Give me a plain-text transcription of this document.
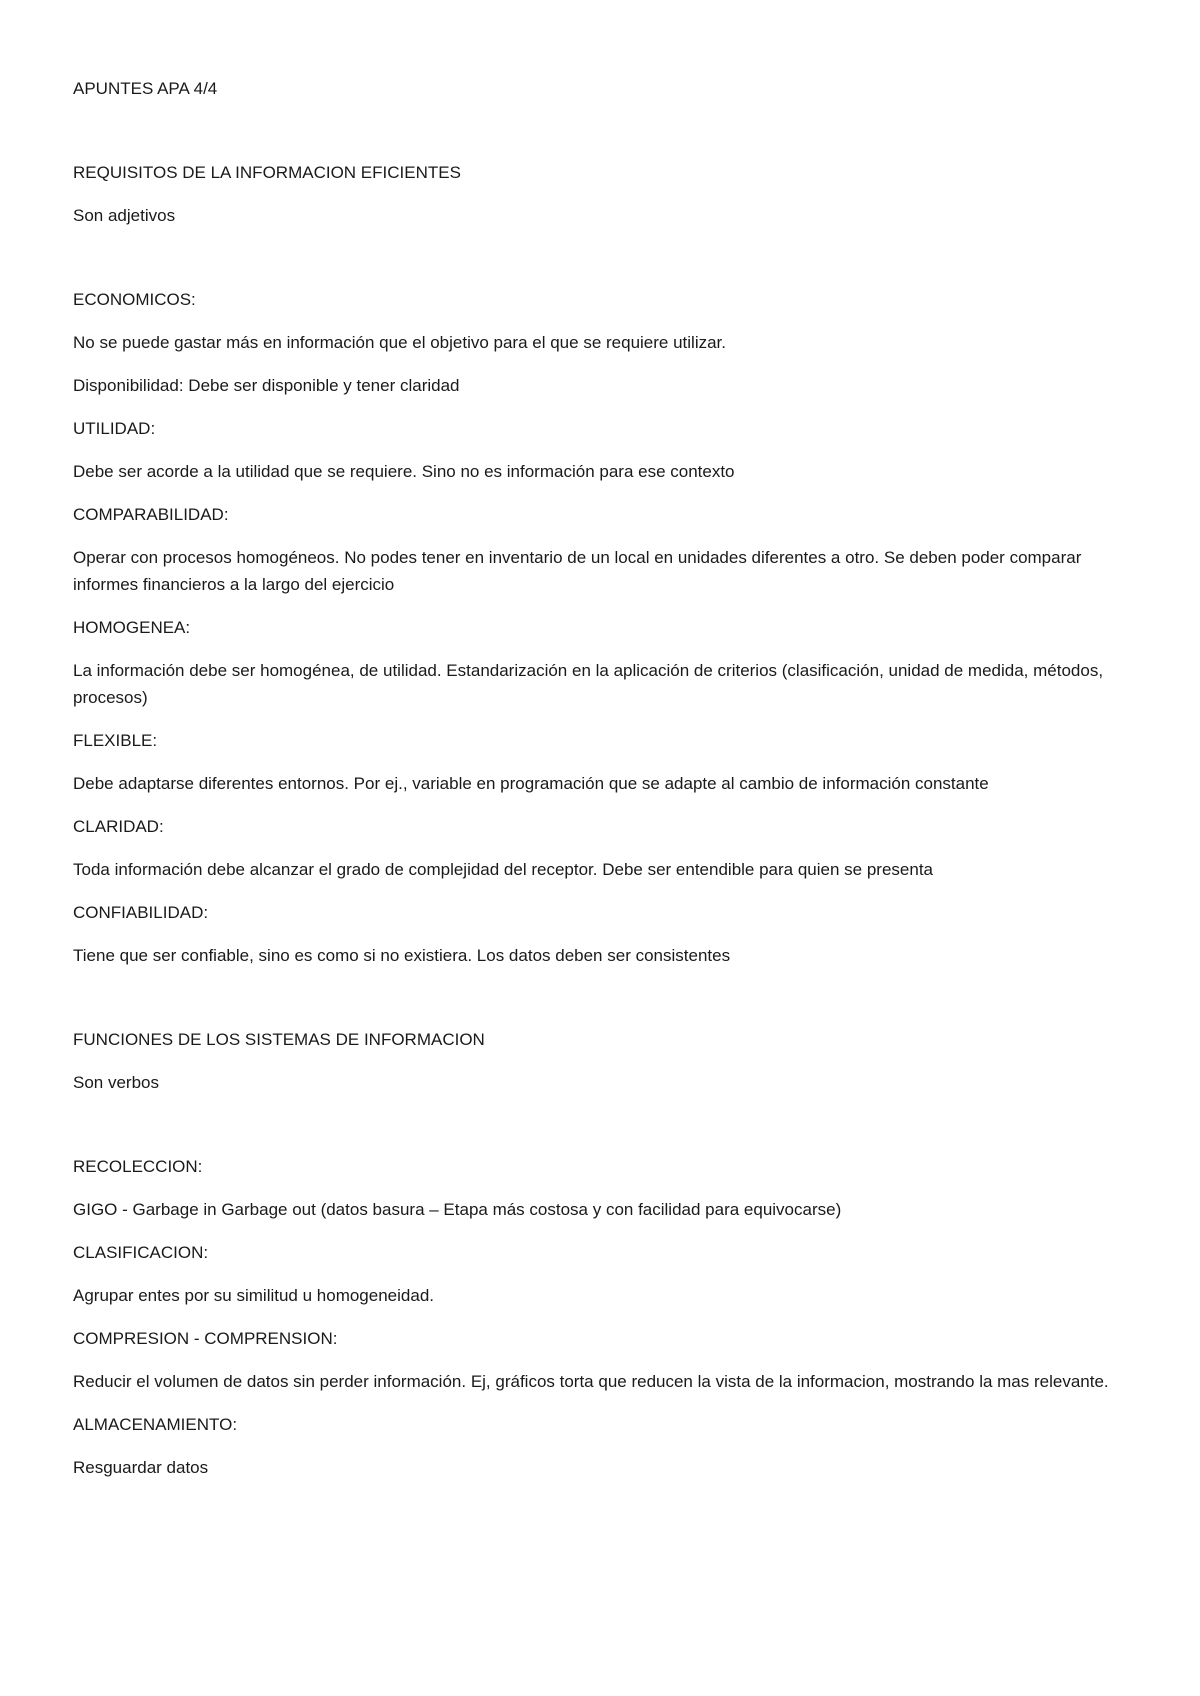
APUNTES APA 4/4

REQUISITOS DE LA INFORMACION EFICIENTES

Son adjetivos

ECONOMICOS:

No se puede gastar más en información que el objetivo para el que se requiere utilizar.

Disponibilidad: Debe ser disponible y tener claridad

UTILIDAD:

Debe ser acorde a la utilidad que se requiere. Sino no es información para ese contexto

COMPARABILIDAD:

Operar con procesos homogéneos. No podes tener en inventario de un local en unidades diferentes a otro. Se deben poder comparar informes financieros a la largo del ejercicio

HOMOGENEA:

La información debe ser homogénea, de utilidad. Estandarización en la aplicación de criterios (clasificación, unidad de medida, métodos, procesos)

FLEXIBLE:

Debe adaptarse diferentes entornos. Por ej., variable en programación que se adapte al cambio de información constante

CLARIDAD:

Toda información debe alcanzar el grado de complejidad del receptor. Debe ser entendible para quien se presenta

CONFIABILIDAD:

Tiene que ser confiable, sino es como si no existiera. Los datos deben ser consistentes

FUNCIONES DE LOS SISTEMAS DE INFORMACION

Son verbos

RECOLECCION:

GIGO - Garbage in Garbage out (datos basura – Etapa más costosa y con facilidad para equivocarse)

CLASIFICACION:

Agrupar entes por su similitud u homogeneidad.

COMPRESION - COMPRENSION:

Reducir el volumen de datos sin perder información. Ej, gráficos torta que reducen la vista de la informacion, mostrando la mas relevante.

ALMACENAMIENTO:

Resguardar datos
